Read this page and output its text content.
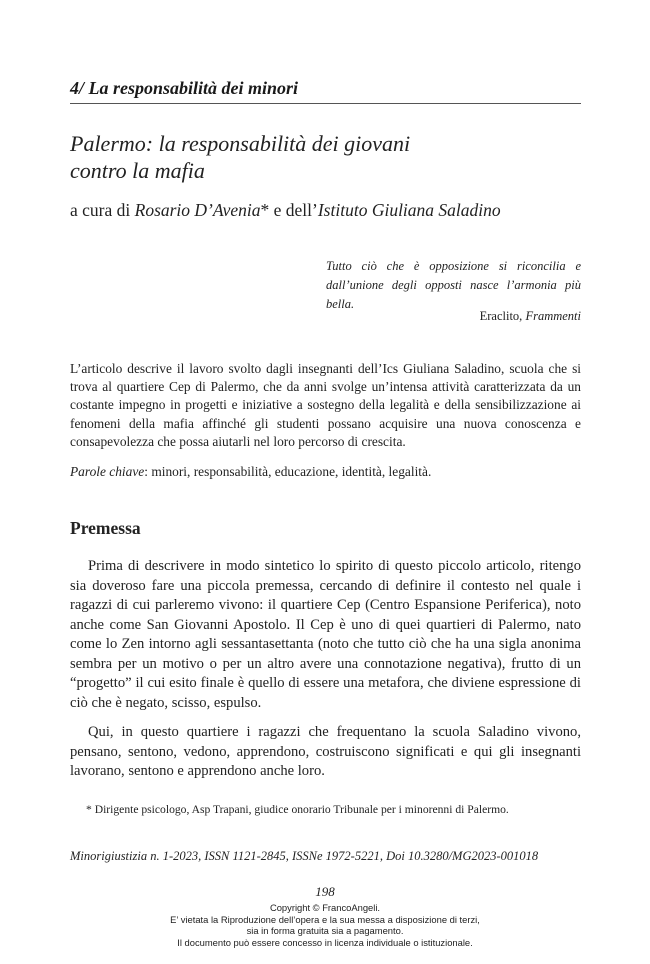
4/ La responsabilità dei minori
Palermo: la responsabilità dei giovani
contro la mafia
a cura di Rosario D’Avenia* e dell’Istituto Giuliana Saladino
Tutto ciò che è opposizione si riconcilia e dall’unione degli opposti nasce l’armonia più bella.
Eraclito, Frammenti

L’articolo descrive il lavoro svolto dagli insegnanti dell’Ics Giuliana Saladino, scuola che si trova al quartiere Cep di Palermo, che da anni svolge un’intensa attività caratterizzata da un costante impegno in progetti e iniziative a sostegno della legalità e della sensibilizzazione ai fenomeni della mafia affinché gli studenti possano acquisire una nuova conoscenza e consapevolezza che possa aiutarli nel loro percorso di crescita.

Parole chiave: minori, responsabilità, educazione, identità, legalità.

Premessa

Prima di descrivere in modo sintetico lo spirito di questo piccolo articolo, ritengo sia doveroso fare una piccola premessa, cercando di definire il contesto nel quale i ragazzi di cui parleremo vivono: il quartiere Cep (Centro Espansione Periferica), noto anche come San Giovanni Apostolo. Il Cep è uno di quei quartieri di Palermo, nato come lo Zen intorno agli sessantasettanta (noto che tutto ciò che ha una sigla anonima sembra per un motivo o per un altro avere una connotazione negativa), frutto di un “progetto” il cui esito finale è quello di essere una metafora, che diviene espressione di ciò che è negato, scisso, espulso.

Qui, in questo quartiere i ragazzi che frequentano la scuola Saladino vivono, pensano, sentono, vedono, apprendono, costruiscono significati e qui gli insegnanti lavorano, sentono e apprendono anche loro.

* Dirigente psicologo, Asp Trapani, giudice onorario Tribunale per i minorenni di Palermo.

Minorigiustizia n. 1-2023, ISSN 1121-2845, ISSNe 1972-5221, Doi 10.3280/MG2023-001018
198
Copyright © FrancoAngeli.
E’ vietata la Riproduzione dell’opera e la sua messa a disposizione di terzi,
sia in forma gratuita sia a pagamento.
Il documento può essere concesso in licenza individuale o istituzionale.
